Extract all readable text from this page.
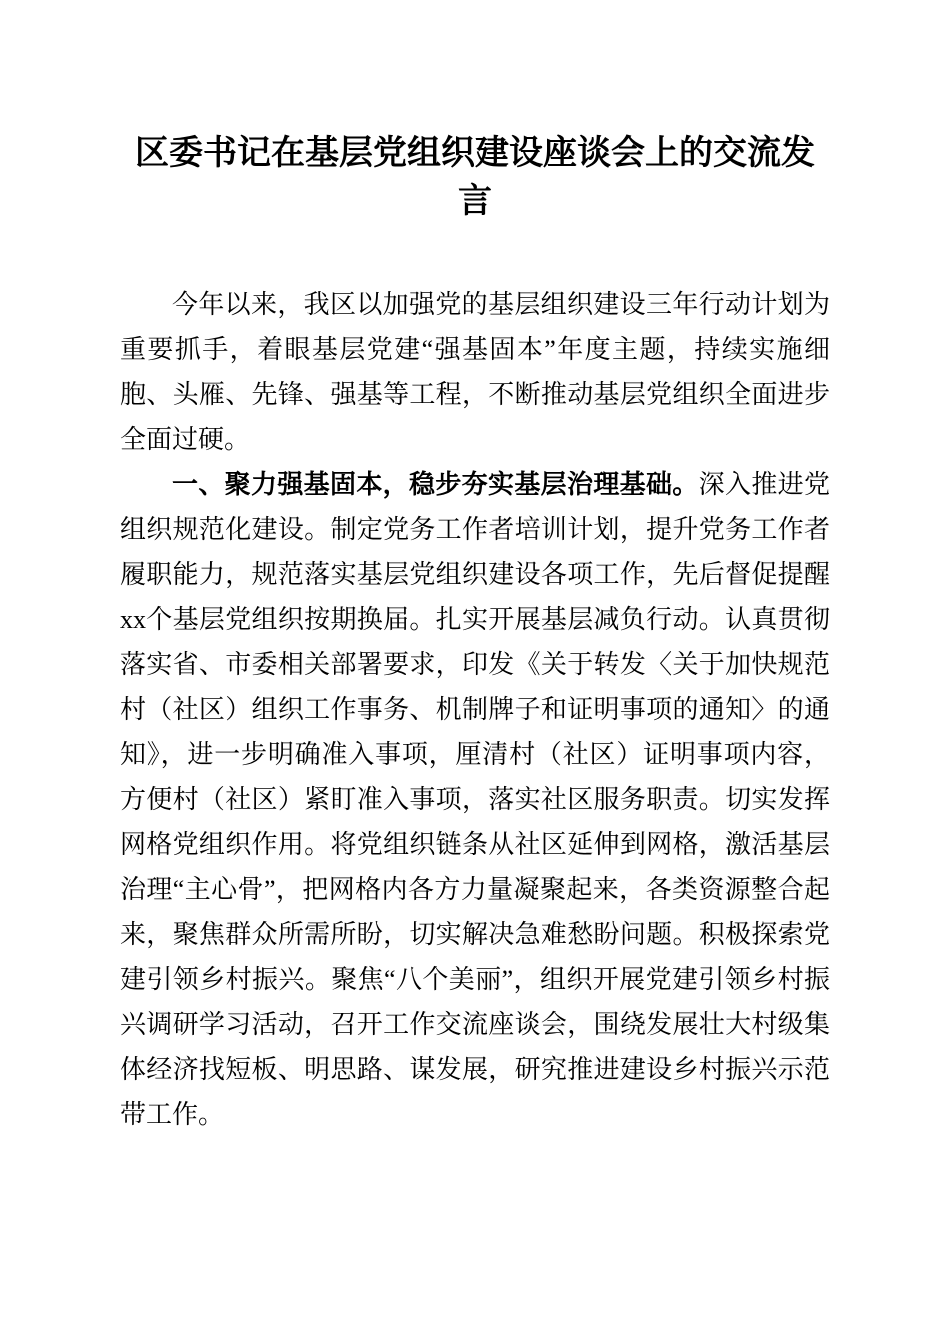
区委书记在基层党组织建设座谈会上的交流发言

今年以来，我区以加强党的基层组织建设三年行动计划为重要抓手，着眼基层党建“强基固本”年度主题，持续实施细胞、头雁、先锋、强基等工程，不断推动基层党组织全面进步全面过硬。

一、聚力强基固本，稳步夯实基层治理基础。深入推进党组织规范化建设。制定党务工作者培训计划，提升党务工作者履职能力，规范落实基层党组织建设各项工作，先后督促提醒xx个基层党组织按期换届。扎实开展基层减负行动。认真贯彻落实省、市委相关部署要求，印发《关于转发〈关于加快规范村（社区）组织工作事务、机制牌子和证明事项的通知〉的通知》，进一步明确准入事项，厘清村（社区）证明事项内容，方便村（社区）紧盯准入事项，落实社区服务职责。切实发挥网格党组织作用。将党组织链条从社区延伸到网格，激活基层治理“主心骨”，把网格内各方力量凝聚起来，各类资源整合起来，聚焦群众所需所盼，切实解决急难愁盼问题。积极探索党建引领乡村振兴。聚焦“八个美丽”，组织开展党建引领乡村振兴调研学习活动，召开工作交流座谈会，围绕发展壮大村级集体经济找短板、明思路、谋发展，研究推进建设乡村振兴示范带工作。
